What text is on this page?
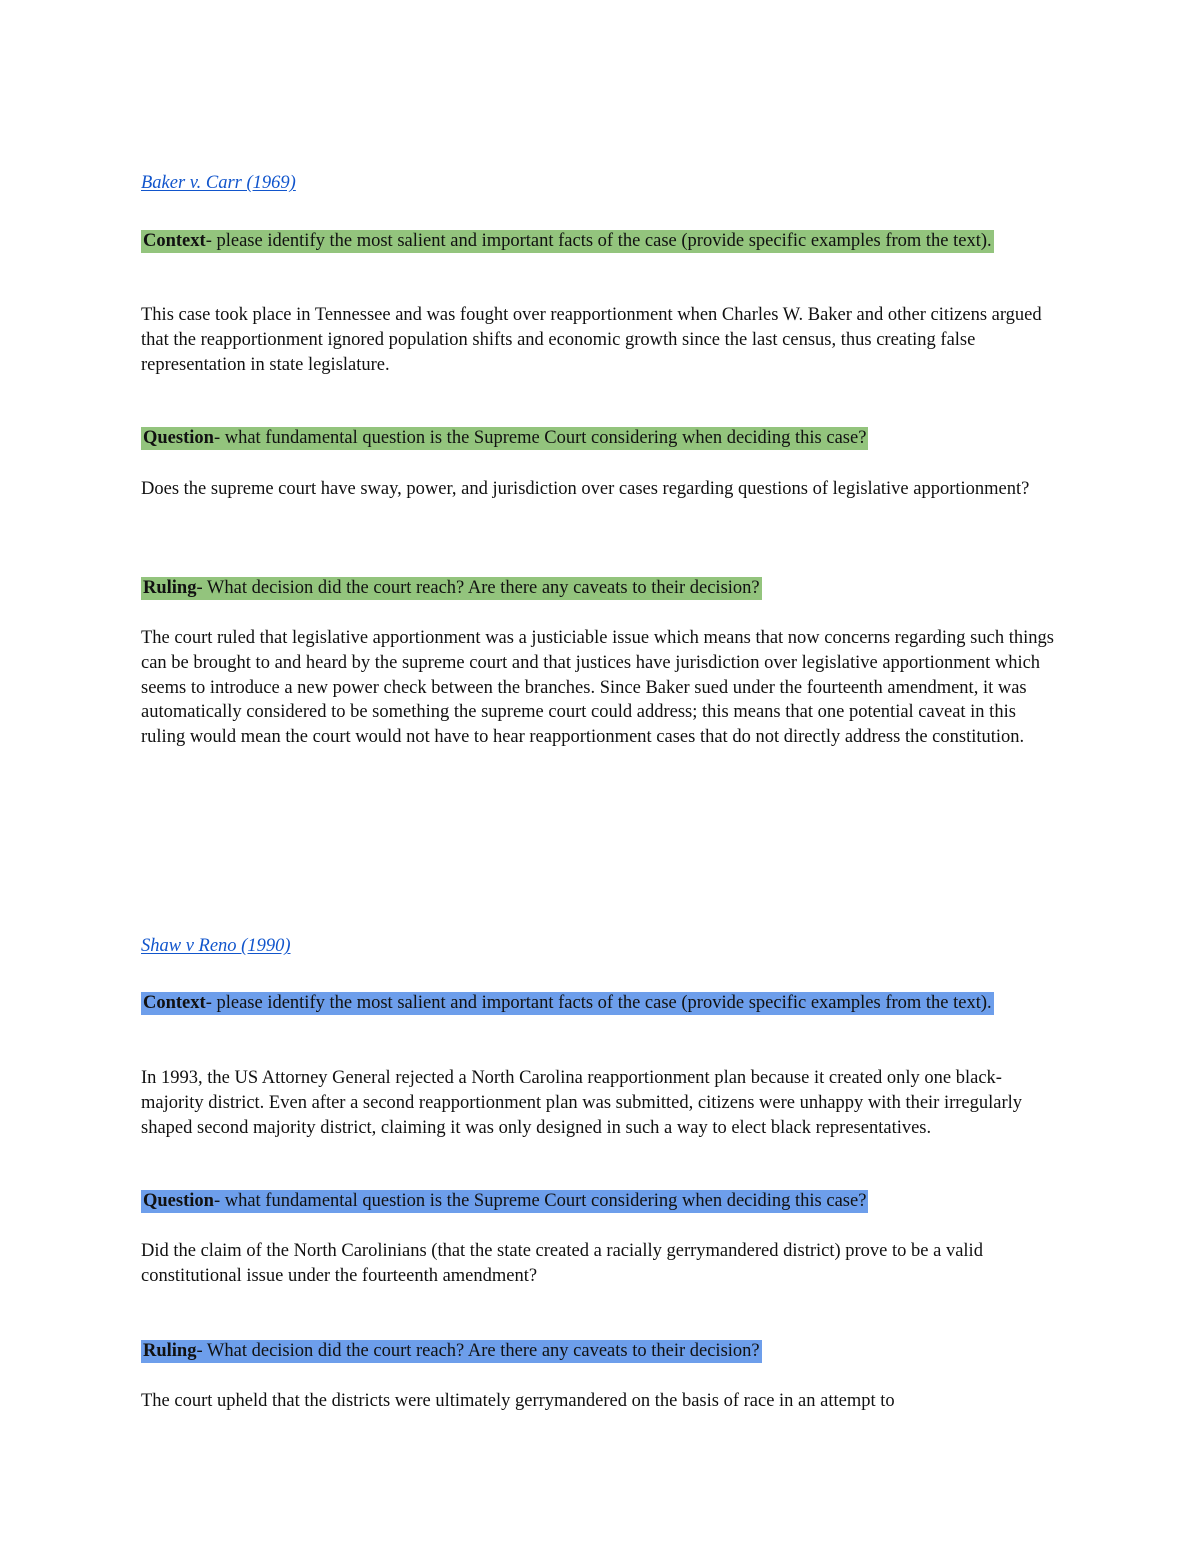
Baker v. Carr (1969)
Context- please identify the most salient and important facts of the case (provide specific examples from the text).
This case took place in Tennessee and was fought over reapportionment when Charles W. Baker and other citizens argued that the reapportionment ignored population shifts and economic growth since the last census, thus creating false representation in state legislature.
Question- what fundamental question is the Supreme Court considering when deciding this case?
Does the supreme court have sway, power, and jurisdiction over cases regarding questions of legislative apportionment?
Ruling- What decision did the court reach? Are there any caveats to their decision?
The court ruled that legislative apportionment was a justiciable issue which means that now concerns regarding such things can be brought to and heard by the supreme court and that justices have jurisdiction over legislative apportionment which seems to introduce a new power check between the branches. Since Baker sued under the fourteenth amendment, it was automatically considered to be something the supreme court could address; this means that one potential caveat in this ruling would mean the court would not have to hear reapportionment cases that do not directly address the constitution.
Shaw v Reno (1990)
Context- please identify the most salient and important facts of the case (provide specific examples from the text).
In 1993, the US Attorney General rejected a North Carolina reapportionment plan because it created only one black-majority district. Even after a second reapportionment plan was submitted, citizens were unhappy with their irregularly shaped second majority district, claiming it was only designed in such a way to elect black representatives.
Question- what fundamental question is the Supreme Court considering when deciding this case?
Did the claim of the North Carolinians (that the state created a racially gerrymandered district) prove to be a valid constitutional issue under the fourteenth amendment?
Ruling- What decision did the court reach? Are there any caveats to their decision?
The court upheld that the districts were ultimately gerrymandered on the basis of race in an attempt to
